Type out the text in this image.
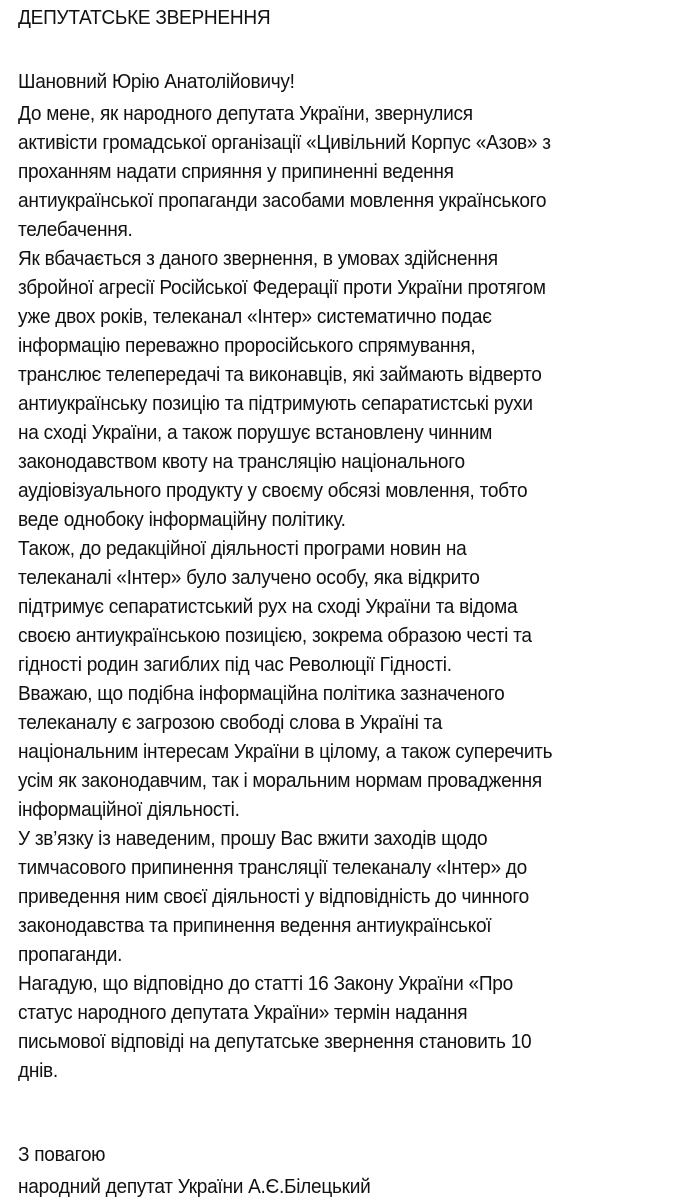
ДЕПУТАТСЬКЕ ЗВЕРНЕННЯ
Шановний Юрію Анатолійовичу!
До мене, як народного депутата України, звернулися
активісти громадської організації «Цивільний Корпус «Азов» з
проханням надати сприяння у припиненні ведення
антиукраїнської пропаганди засобами мовлення українського
телебачення.
Як вбачається з даного звернення, в умовах здійснення
збройної агресії Російської Федерації проти України протягом
уже двох років, телеканал «Інтер» систематично подає
інформацію переважно проросійського спрямування,
транслює телепередачі та виконавців, які займають відверто
антиукраїнську позицію та підтримують сепаратистські рухи
на сході України, а також порушує встановлену чинним
законодавством квоту на трансляцію національного
аудіовізуального продукту у своєму обсязі мовлення, тобто
веде однобоку інформаційну політику.
Також, до редакційної діяльності програми новин на
телеканалі «Інтер» було залучено особу, яка відкрито
підтримує сепаратистський рух на сході України та відома
своєю антиукраїнською позицією, зокрема образою честі та
гідності родин загиблих під час Революції Гідності.
Вважаю, що подібна інформаційна політика зазначеного
телеканалу є загрозою свободі слова в Україні та
національним інтересам України в цілому, а також суперечить
усім як законодавчим, так і моральним нормам провадження
інформаційної діяльності.
У зв’язку із наведеним, прошу Вас вжити заходів щодо
тимчасового припинення трансляції телеканалу «Інтер» до
приведення ним своєї діяльності у відповідність до чинного
законодавства та припинення ведення антиукраїнської
пропаганди.
Нагадую, що відповідно до статті 16 Закону України «Про
статус народного депутата України» термін надання
письмової відповіді на депутатське звернення становить 10
днів.
З повагою
народний депутат України А.Є.Білецький
